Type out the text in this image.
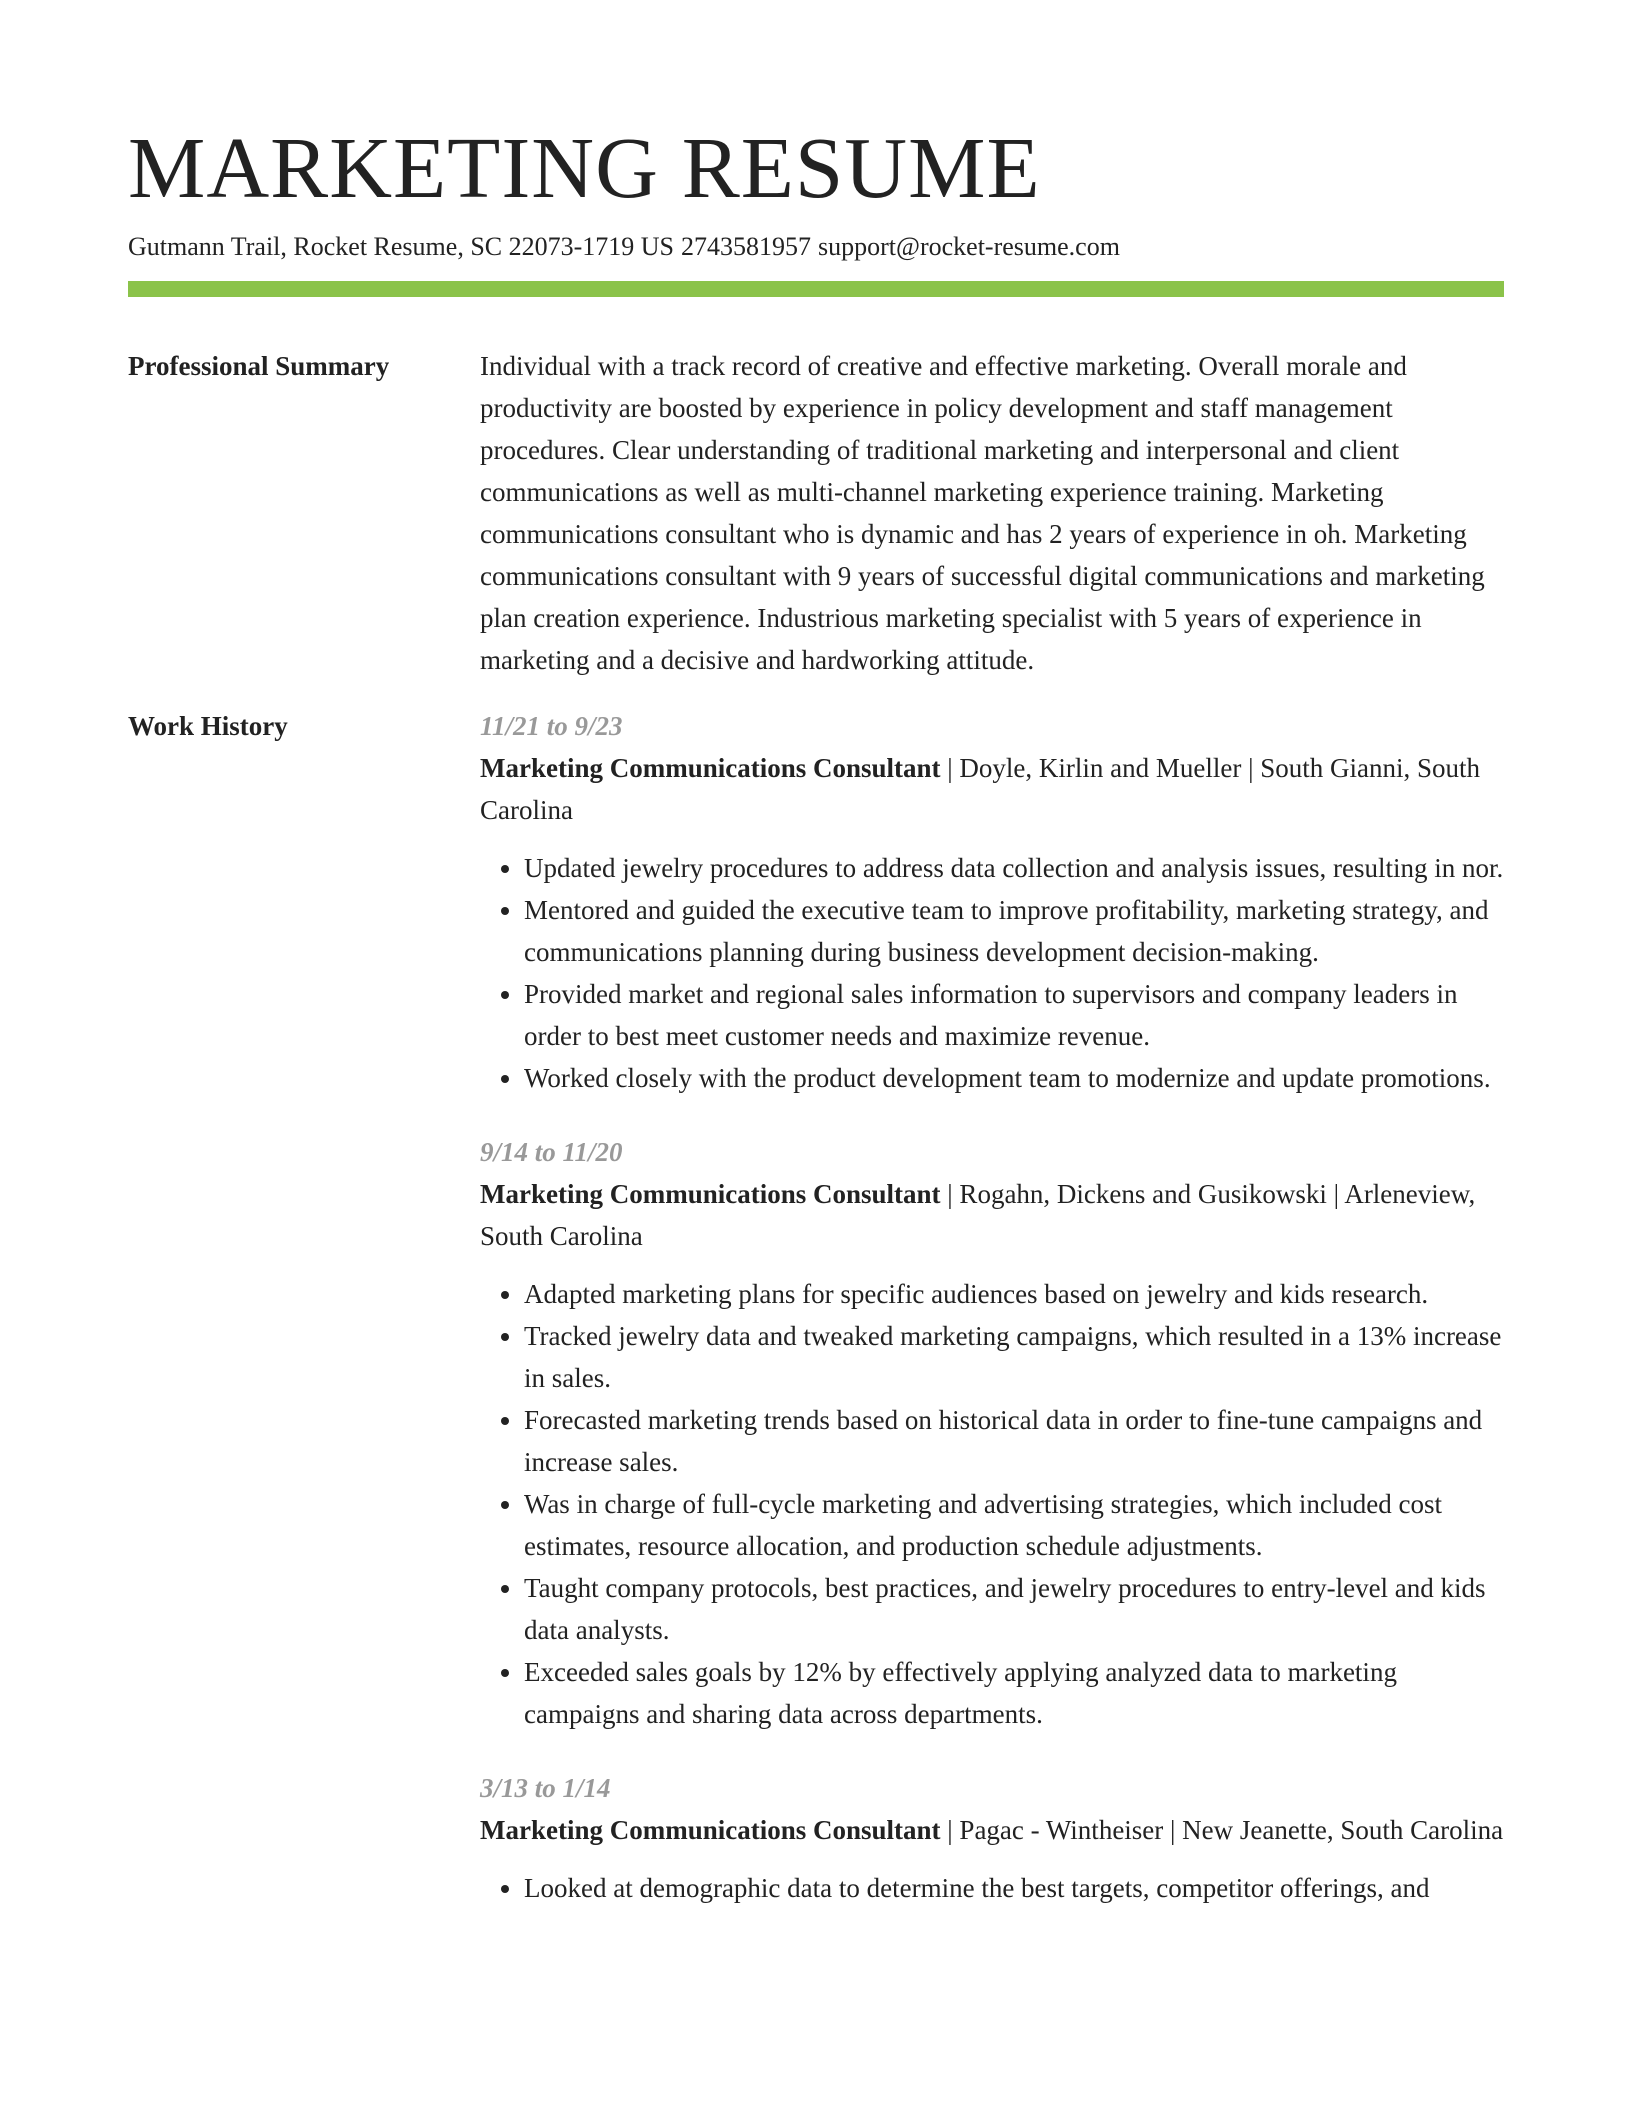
MARKETING RESUME
Gutmann Trail, Rocket Resume, SC 22073-1719 US 2743581957 support@rocket-resume.com
Professional Summary	Individual with a track record of creative and effective marketing. Overall morale and productivity are boosted by experience in policy development and staff management procedures. Clear understanding of traditional marketing and interpersonal and client communications as well as multi-channel marketing experience training. Marketing communications consultant who is dynamic and has 2 years of experience in oh. Marketing communications consultant with 9 years of successful digital communications and marketing plan creation experience. Industrious marketing specialist with 5 years of experience in marketing and a decisive and hardworking attitude.

Work History	11/21 to 9/23

Marketing Communications Consultant | Doyle, Kirlin and Mueller | South Gianni, South Carolina

• Updated jewelry procedures to address data collection and analysis issues, resulting in nor.
• Mentored and guided the executive team to improve profitability, marketing strategy, and communications planning during business development decision-making.
• Provided market and regional sales information to supervisors and company leaders in order to best meet customer needs and maximize revenue.
• Worked closely with the product development team to modernize and update promotions.
9/14 to 11/20

Marketing Communications Consultant | Rogahn, Dickens and Gusikowski | Arleneview, South Carolina

• Adapted marketing plans for specific audiences based on jewelry and kids research.
• Tracked jewelry data and tweaked marketing campaigns, which resulted in a 13% increase in sales.
• Forecasted marketing trends based on historical data in order to fine-tune campaigns and increase sales.
• Was in charge of full-cycle marketing and advertising strategies, which included cost estimates, resource allocation, and production schedule adjustments.
• Taught company protocols, best practices, and jewelry procedures to entry-level and kids data analysts.
• Exceeded sales goals by 12% by effectively applying analyzed data to marketing campaigns and sharing data across departments.
3/13 to 1/14

Marketing Communications Consultant | Pagac - Wintheiser | New Jeanette, South Carolina

• Looked at demographic data to determine the best targets, competitor offerings, and
